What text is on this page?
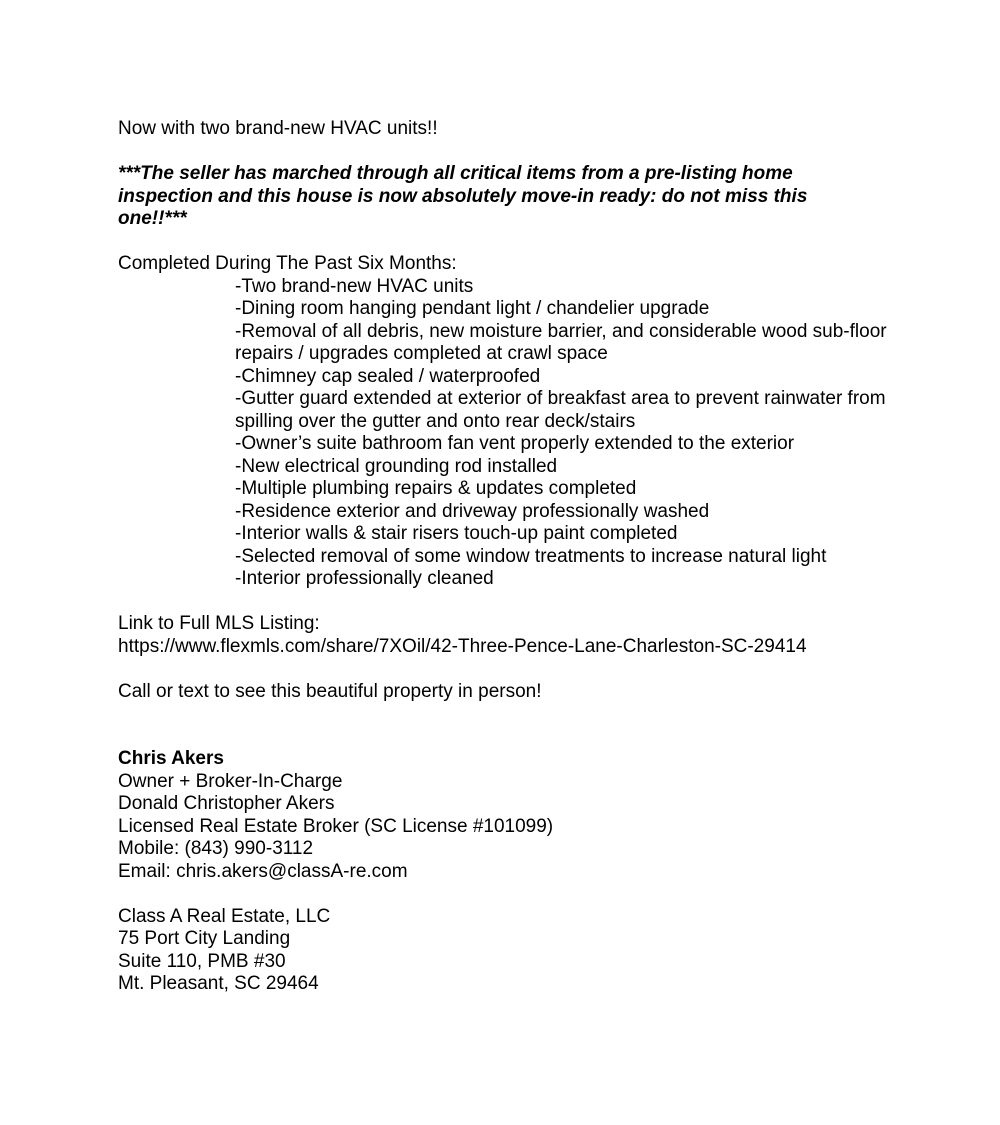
Now with two brand-new HVAC units!!
***The seller has marched through all critical items from a pre-listing home inspection and this house is now absolutely move-in ready: do not miss this one!!***
Completed During The Past Six Months:
-Two brand-new HVAC units
-Dining room hanging pendant light / chandelier upgrade
-Removal of all debris, new moisture barrier, and considerable wood sub-floor repairs / upgrades completed at crawl space
-Chimney cap sealed / waterproofed
-Gutter guard extended at exterior of breakfast area to prevent rainwater from spilling over the gutter and onto rear deck/stairs
-Owner’s suite bathroom fan vent properly extended to the exterior
-New electrical grounding rod installed
-Multiple plumbing repairs & updates completed
-Residence exterior and driveway professionally washed
-Interior walls & stair risers touch-up paint completed
-Selected removal of some window treatments to increase natural light
-Interior professionally cleaned
Link to Full MLS Listing:
https://www.flexmls.com/share/7XOil/42-Three-Pence-Lane-Charleston-SC-29414
Call or text to see this beautiful property in person!
Chris Akers
Owner + Broker-In-Charge
Donald Christopher Akers
Licensed Real Estate Broker (SC License #101099)
Mobile: (843) 990-3112
Email: chris.akers@classA-re.com
Class A Real Estate, LLC
75 Port City Landing
Suite 110, PMB #30
Mt. Pleasant, SC 29464
